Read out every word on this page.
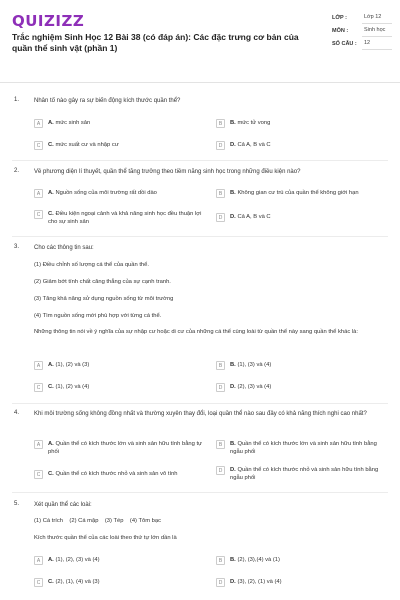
QUIZIZZ
Trắc nghiệm Sinh Học 12 Bài 38 (có đáp án): Các đặc trưng cơ bản của quần thể sinh vật (phần 1)
LỚP :	Lớp 12
MÔN :	Sinh học
SỐ CÂU :	12
1. Nhân tố nào gây ra sự biến động kích thước quần thể?
A	A. mức sinh sản	B	B. mức tử vong
C	C. mức xuất cư và nhập cư	D	D. Cả A, B và C
2. Về phương diện lí thuyết, quần thể tăng trưởng theo tiềm năng sinh học trong những điều kiện nào?
A	A. Nguồn sống của môi trường rất dồi dào	B	B. Không gian cư trú của quần thể không giới hạn
C	C. Điều kiện ngoại cảnh và khả năng sinh học đều thuận lợi cho sự sinh sản
D	D. Cả A, B và C
3. Cho các thông tin sau:
(1) Điều chỉnh số lượng cá thể của quần thể.
(2) Giảm bớt tính chất căng thẳng của sự cạnh tranh.
(3) Tăng khả năng sử dụng nguồn sống từ môi trường
(4) Tìm nguồn sống mới phù hợp với từng cá thể.
Những thông tin nói về ý nghĩa của sự nhập cư hoặc di cư của những cá thể cùng loài từ quần thể này sang quần thể khác là:
A	A. (1), (2) và (3)	B	B. (1), (3) và (4)
C	C. (1), (2) và (4)	D	D. (2), (3) và (4)
4. Khi môi trường sống không đồng nhất và thường xuyên thay đổi, loại quần thể nào sau đây có khả năng thích nghi cao nhất?
A	A. Quần thể có kích thước lớn và sinh sản hữu tính bằng tự phối
B	B. Quần thể có kích thước lớn và sinh sản hữu tính bằng ngẫu phối
C	C. Quần thể có kích thước nhỏ và sinh sản vô tính
D	D. Quần thể có kích thước nhỏ và sinh sản hữu tính bằng ngẫu phối
5. Xét quần thể các loài:
(1) Cá trích    (2) Cá mập    (3) Tép    (4) Tôm bạc
Kích thước quần thể của các loài theo thứ tự lớn dần là
A	A. (1), (2), (3) và (4)	B	B. (2), (3),(4) và (1)
C	C. (2), (1), (4) và (3)	D	D. (3), (2), (1) và (4)
